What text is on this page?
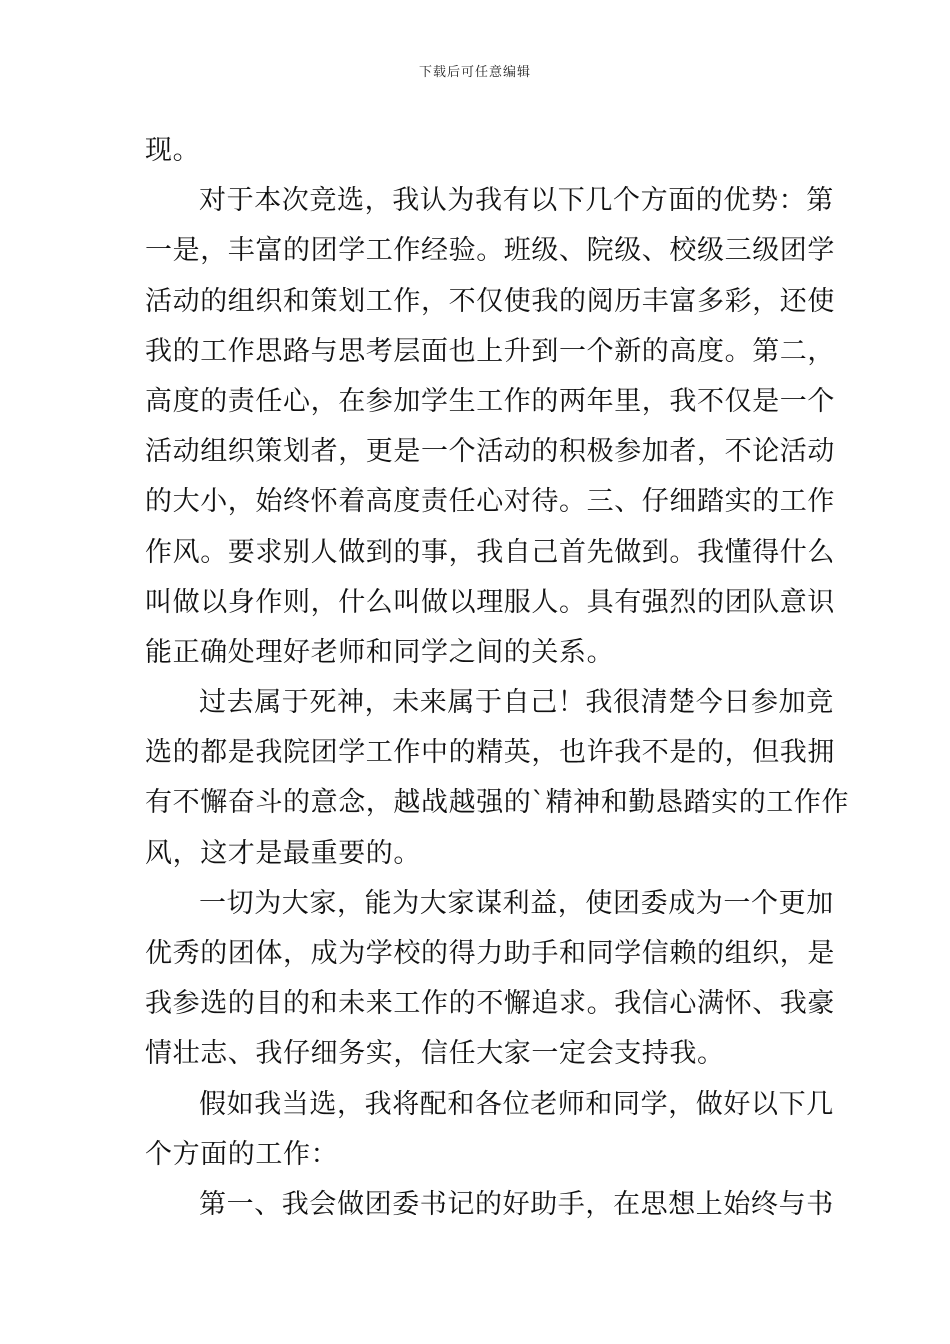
下载后可任意编辑
现。
对于本次竞选，我认为我有以下几个方面的优势：第
一是，丰富的团学工作经验。班级、院级、校级三级团学
活动的组织和策划工作，不仅使我的阅历丰富多彩，还使
我的工作思路与思考层面也上升到一个新的高度。第二，
高度的责任心，在参加学生工作的两年里，我不仅是一个
活动组织策划者，更是一个活动的积极参加者，不论活动
的大小，始终怀着高度责任心对待。三、仔细踏实的工作
作风。要求别人做到的事，我自己首先做到。我懂得什么
叫做以身作则，什么叫做以理服人。具有强烈的团队意识
能正确处理好老师和同学之间的关系。
过去属于死神，未来属于自己！我很清楚今日参加竞
选的都是我院团学工作中的精英，也许我不是的，但我拥
有不懈奋斗的意念，越战越强的`精神和勤恳踏实的工作作
风，这才是最重要的。
一切为大家，能为大家谋利益，使团委成为一个更加
优秀的团体，成为学校的得力助手和同学信赖的组织，是
我参选的目的和未来工作的不懈追求。我信心满怀、我豪
情壮志、我仔细务实，信任大家一定会支持我。
假如我当选，我将配和各位老师和同学，做好以下几
个方面的工作：
第一、我会做团委书记的好助手，在思想上始终与书
